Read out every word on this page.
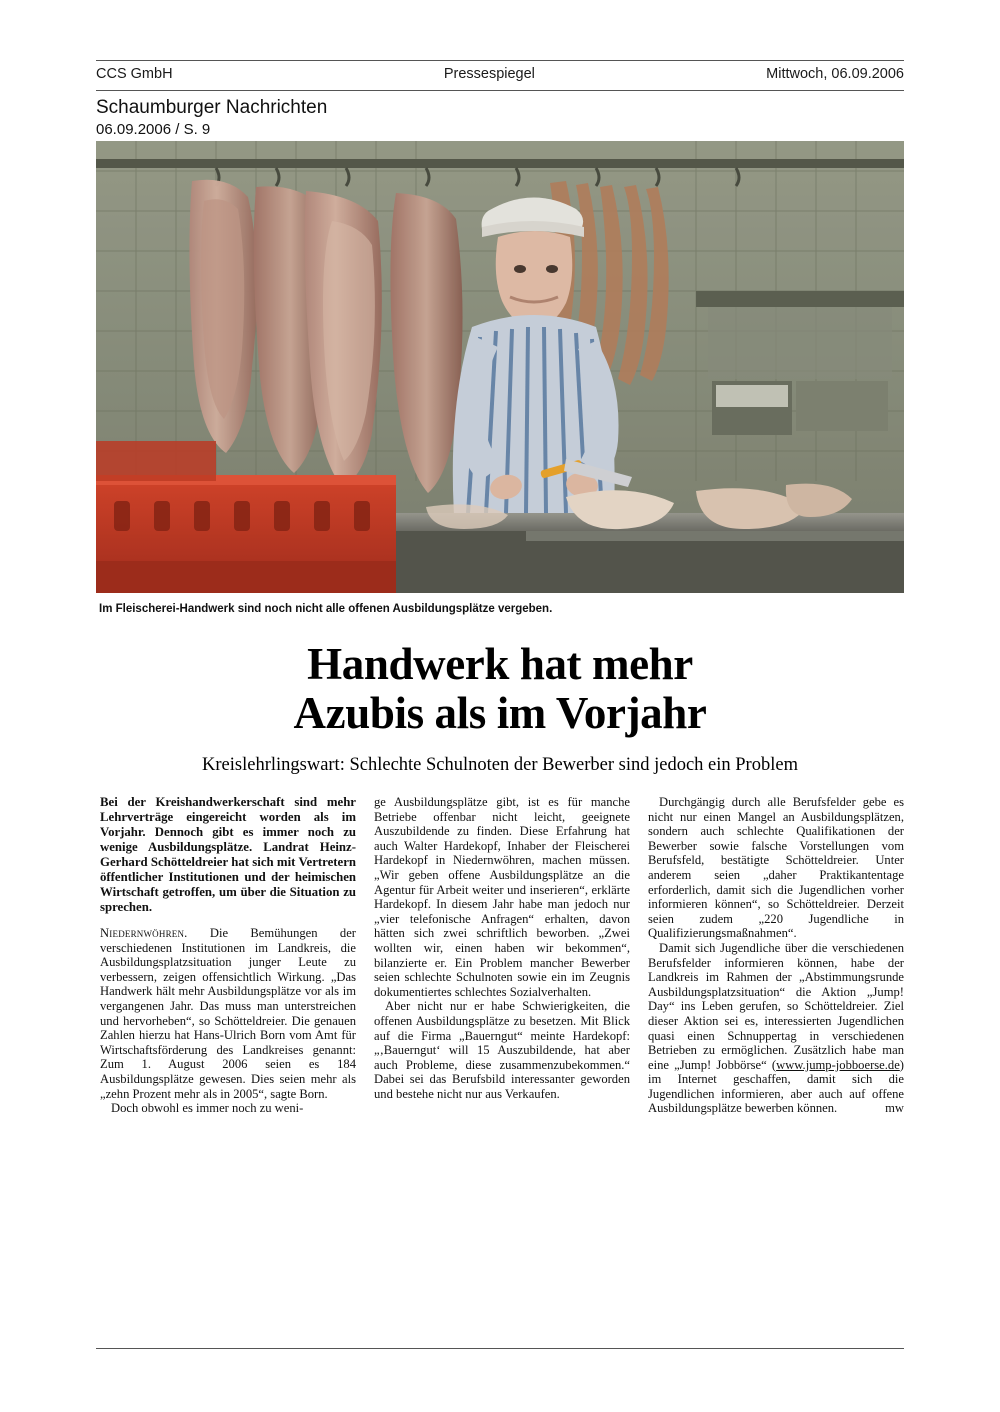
CCS GmbH	Pressespiegel	Mittwoch, 06.09.2006
Schaumburger Nachrichten
06.09.2006 / S. 9
Im Fleischerei-Handwerk sind noch nicht alle offenen Ausbildungsplätze vergeben.
Handwerk hat mehr
Azubis als im Vorjahr
Kreislehrlingswart: Schlechte Schulnoten der Bewerber sind jedoch ein Problem

Bei der Kreishandwerkerschaft sind mehr Lehrverträge eingereicht worden als im Vorjahr. Dennoch gibt es immer noch zu wenige Ausbildungsplätze. Landrat Heinz-Gerhard Schötteldreier hat sich mit Vertretern öffentlicher Institutionen und der heimischen Wirtschaft getroffen, um über die Situation zu sprechen.

Niedernwöhren. Die Bemühungen der verschiedenen Institutionen im Landkreis, die Ausbildungsplatzsituation junger Leute zu verbessern, zeigen offensichtlich Wirkung. „Das Handwerk hält mehr Ausbildungsplätze vor als im vergangenen Jahr. Das muss man unterstreichen und hervorheben“, so Schötteldreier. Die genauen Zahlen hierzu hat Hans-Ulrich Born vom Amt für Wirtschaftsförderung des Landkreises genannt: Zum 1. August 2006 seien es 184 Ausbildungsplätze gewesen. Dies seien mehr als „zehn Prozent mehr als in 2005“, sagte Born.

Doch obwohl es immer noch zu weni-

ge Ausbildungsplätze gibt, ist es für manche Betriebe offenbar nicht leicht, geeignete Auszubildende zu finden. Diese Erfahrung hat auch Walter Hardekopf, Inhaber der Fleischerei Hardekopf in Niedernwöhren, machen müssen. „Wir geben offene Ausbildungsplätze an die Agentur für Arbeit weiter und inserieren“, erklärte Hardekopf. In diesem Jahr habe man jedoch nur „vier telefonische Anfragen“ erhalten, davon hätten sich zwei schriftlich beworben. „Zwei wollten wir, einen haben wir bekommen“, bilanzierte er. Ein Problem mancher Bewerber seien schlechte Schulnoten sowie ein im Zeugnis dokumentiertes schlechtes Sozialverhalten.

Aber nicht nur er habe Schwierigkeiten, die offenen Ausbildungsplätze zu besetzen. Mit Blick auf die Firma „Bauerngut“ meinte Hardekopf: „‚Bauerngut‘ will 15 Auszubildende, hat aber auch Probleme, diese zusammenzubekommen.“ Dabei sei das Berufsbild interessanter geworden und bestehe nicht nur aus Verkaufen.

Durchgängig durch alle Berufsfelder gebe es nicht nur einen Mangel an Ausbildungsplätzen, sondern auch schlechte Qualifikationen der Bewerber sowie falsche Vorstellungen vom Berufsfeld, bestätigte Schötteldreier. Unter anderem seien „daher Praktikantentage erforderlich, damit sich die Jugendlichen vorher informieren können“, so Schötteldreier. Derzeit seien zudem „220 Jugendliche in Qualifizierungsmaßnahmen“.

Damit sich Jugendliche über die verschiedenen Berufsfelder informieren können, habe der Landkreis im Rahmen der „Abstimmungsrunde Ausbildungsplatzsituation“ die Aktion „Jump! Day“ ins Leben gerufen, so Schötteldreier. Ziel dieser Aktion sei es, interessierten Jugendlichen quasi einen Schnuppertag in verschiedenen Betrieben zu ermöglichen. Zusätzlich habe man eine „Jump! Jobbörse“ (www.jump-jobboerse.de) im Internet geschaffen, damit sich die Jugendlichen informieren, aber auch auf offene Ausbildungsplätze bewerben können.	mw
